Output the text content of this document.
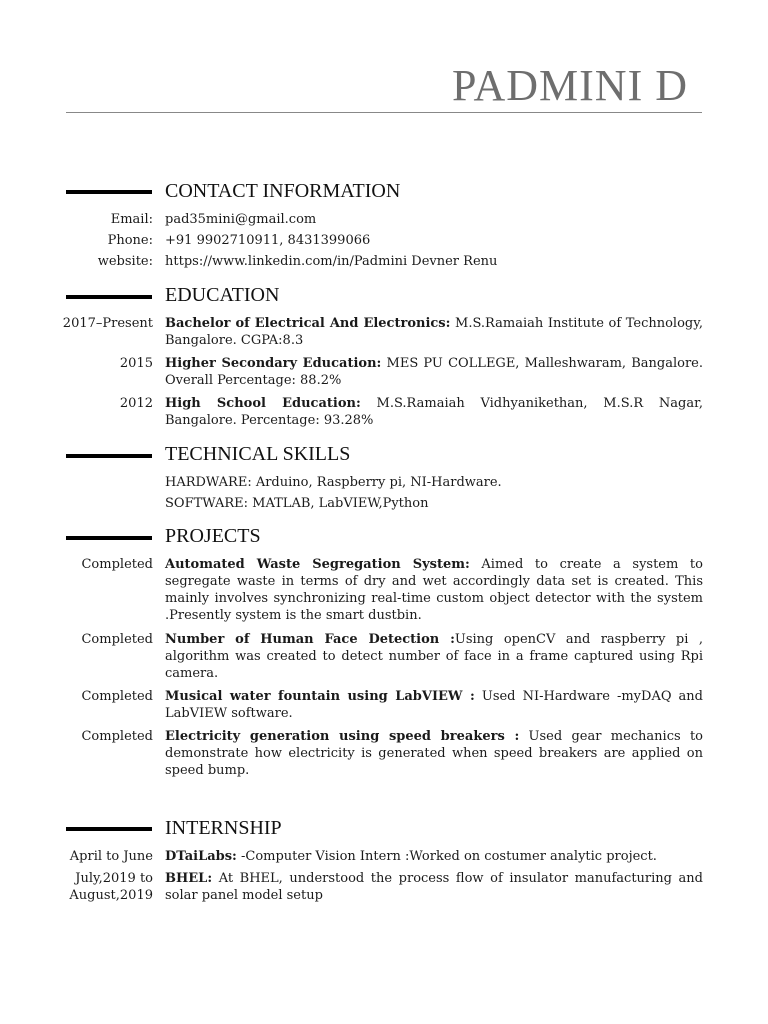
PADMINI D
CONTACT INFORMATION
Email: pad35mini@gmail.com
Phone: +91 9902710911, 8431399066
website: https://www.linkedin.com/in/Padmini Devner Renu
EDUCATION
2017–Present Bachelor of Electrical And Electronics: M.S.Ramaiah Institute of Technology, Bangalore. CGPA:8.3
2015 Higher Secondary Education: MES PU COLLEGE, Malleshwaram, Bangalore. Overall Percentage: 88.2%
2012 High School Education: M.S.Ramaiah Vidhyanikethan, M.S.R Nagar, Bangalore. Percentage: 93.28%
TECHNICAL SKILLS
HARDWARE: Arduino, Raspberry pi, NI-Hardware.
SOFTWARE: MATLAB, LabVIEW,Python
PROJECTS
Completed Automated Waste Segregation System: Aimed to create a system to segregate waste in terms of dry and wet accordingly data set is created. This mainly involves synchronizing real-time custom object detector with the system .Presently system is the smart dustbin.
Completed Number of Human Face Detection :Using openCV and raspberry pi , algorithm was created to detect number of face in a frame captured using Rpi camera.
Completed Musical water fountain using LabVIEW : Used NI-Hardware -myDAQ and LabVIEW software.
Completed Electricity generation using speed breakers : Used gear mechanics to demonstrate how electricity is generated when speed breakers are applied on speed bump.
INTERNSHIP
April to June DTaiLabs: -Computer Vision Intern :Worked on costumer analytic project.
July,2019 to
August,2019
BHEL: At BHEL, understood the process flow of insulator manufacturing and solar panel model setup
